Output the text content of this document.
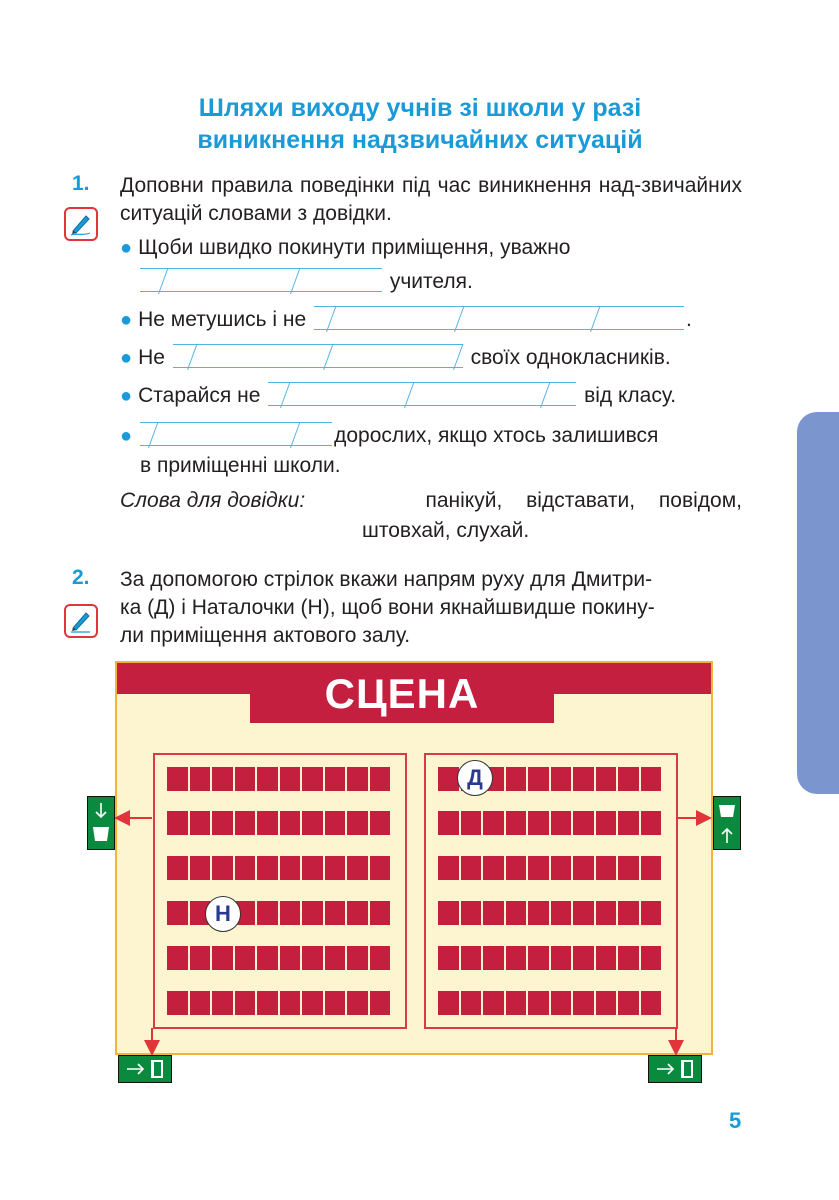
Шляхи виходу учнів зі школи у разі
виникнення надзвичайних ситуацій
1. Доповни правила поведінки під час виникнення над-звичайних ситуацій словами з довідки.
● Щоби швидко покинути приміщення, уважно
учителя.
● Не метушись і не	.
● Не	своїх однокласників.
● Старайся не	від класу.
●	дорослих, якщо хтось залишився
в приміщенні школи.
Слова для довідки:	панікуй, відставати, повідом,
штовхай, слухай.
2. За допомогою стрілок вкажи напрям руху для Дмитри-
ка (Д) і Наталочки (Н), щоб вони якнайшвидше покину-
ли приміщення актового залу.
СЦЕНА
Д
Н
5
